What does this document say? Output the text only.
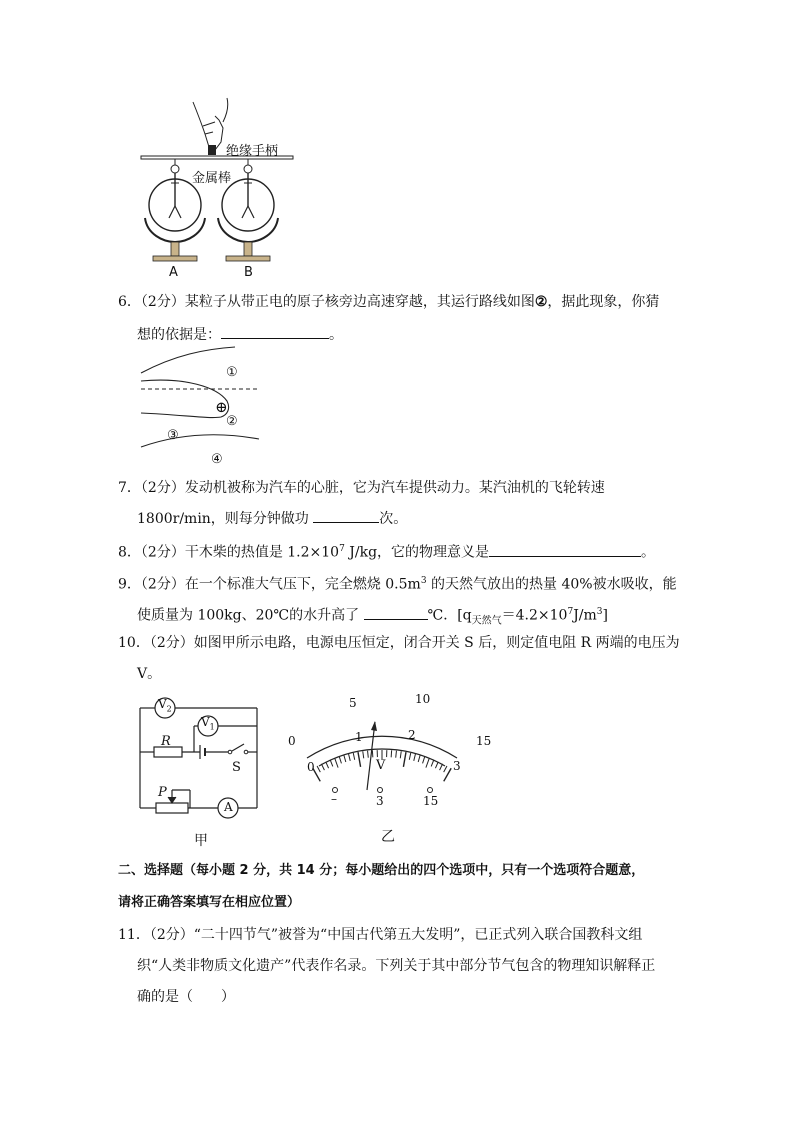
绝缘手柄
金属棒
A	B
6．（2分）某粒子从带正电的原子核旁边高速穿越，其运行路线如图②，据此现象，你猜
想的依据是：	。
①
⊕
②
③
④
7．（2分）发动机被称为汽车的心脏，它为汽车提供动力。某汽油机的飞轮转速
1800r/min，则每分钟做功	次。
8．（2分）干木柴的热值是 $1.2\times 10^7$ J/kg，它的物理意义是	。
9．（2分）在一个标准大气压下，完全燃烧 $0.5m^3$ 的天然气放出的热量 40%被水吸收，能
使质量为 100kg、20℃的水升高了	℃．$[q_{天然气}=4.2\times 10^7J/m^3]$
10．（2分）如图甲所示电路，电源电压恒定，闭合开关 S 后，则定值电阻 R 两端的电压为
V。
$V_2$
$V_1$
R
S
P
A
甲
0
5	10
15
0
1	2
3
V
–	3	15
乙
二、选择题（每小题 2 分，共 14 分；每小题给出的四个选项中，只有一个选项符合题意，
请将正确答案填写在相应位置）
11．（2分）“二十四节气”被誉为“中国古代第五大发明”，已正式列入联合国教科文组
织“人类非物质文化遗产”代表作名录。下列关于其中部分节气包含的物理知识解释正
确的是（　　）
